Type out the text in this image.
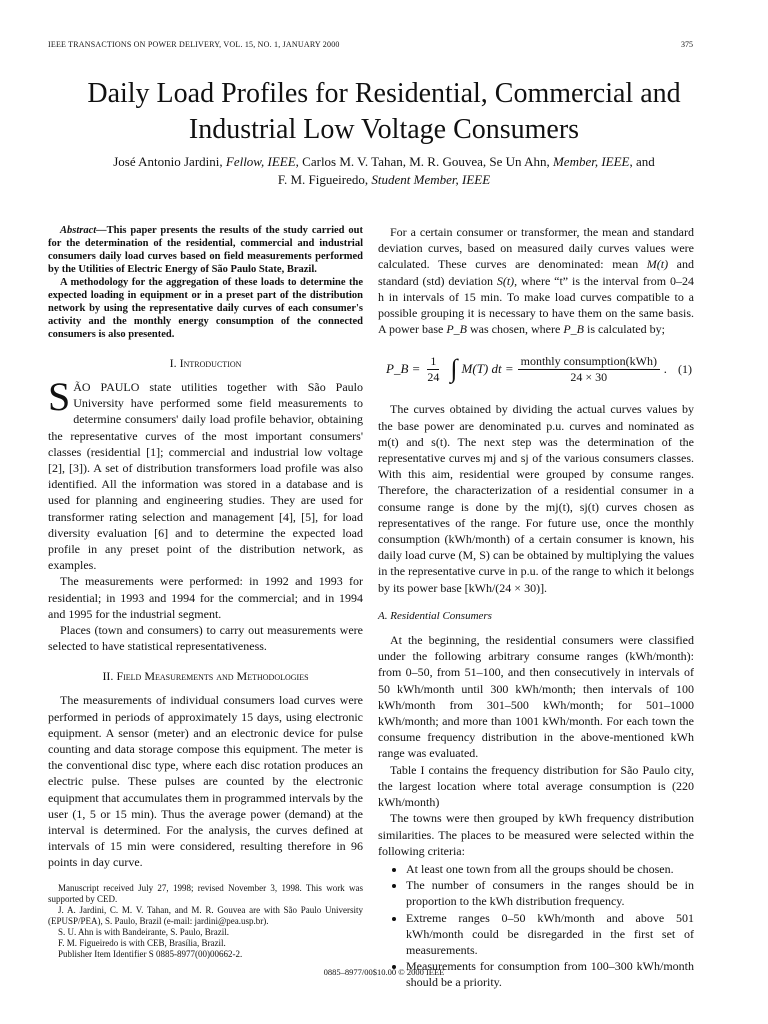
IEEE TRANSACTIONS ON POWER DELIVERY, VOL. 15, NO. 1, JANUARY 2000	375
Daily Load Profiles for Residential, Commercial and
Industrial Low Voltage Consumers
José Antonio Jardini, Fellow, IEEE, Carlos M. V. Tahan, M. R. Gouvea, Se Un Ahn, Member, IEEE, and
F. M. Figueiredo, Student Member, IEEE

Abstract—This paper presents the results of the study carried out for the determination of the residential, commercial and industrial consumers daily load curves based on field measurements performed by the Utilities of Electric Energy of São Paulo State, Brazil.

A methodology for the aggregation of these loads to determine the expected loading in equipment or in a preset part of the distribution network by using the representative daily curves of each consumer's activity and the monthly energy consumption of the connected consumers is also presented.

I. Introduction
S ÃO PAULO state utilities together with São Paulo University have performed some field measurements to determine consumers' daily load profile behavior, obtaining the representative curves of the most important consumers' classes (residential [1]; commercial and industrial low voltage [2], [3]). A set of distribution transformers load profile was also identified. All the information was stored in a database and is used for planning and engineering studies. They are used for transformer rating selection and management [4], [5], for load diversity evaluation [6] and to determine the expected load profile in any preset point of the distribution network, as examples.

The measurements were performed: in 1992 and 1993 for residential; in 1993 and 1994 for the commercial; and in 1994 and 1995 for the industrial segment.

Places (town and consumers) to carry out measurements were selected to have statistical representativeness.

II. Field Measurements and Methodologies

The measurements of individual consumers load curves were performed in periods of approximately 15 days, using electronic equipment. A sensor (meter) and an electronic device for pulse counting and data storage compose this equipment. The meter is the conventional disc type, where each disc rotation produces an electric pulse. These pulses are counted by the electronic equipment that accumulates them in programmed intervals by the user (1, 5 or 15 min). Thus the average power (demand) at the interval is determined. For the analysis, the curves defined at intervals of 15 min were considered, resulting therefore in 96 points in day curve.

Manuscript received July 27, 1998; revised November 3, 1998. This work was supported by CED.

J. A. Jardini, C. M. V. Tahan, and M. R. Gouvea are with São Paulo University (EPUSP/PEA), S. Paulo, Brazil (e-mail: jardini@pea.usp.br).

S. U. Ahn is with Bandeirante, S. Paulo, Brazil.

F. M. Figueiredo is with CEB, Brasília, Brazil.

Publisher Item Identifier S 0885-8977(00)00662-2.

For a certain consumer or transformer, the mean and standard deviation curves, based on measured daily curves values were calculated. These curves are denominated: mean M(t) and standard (std) deviation S(t), where “t” is the interval from 0–24 h in intervals of 15 min. To make load curves compatible to a possible grouping it is necessary to have them on the same basis. A power base P_B was chosen, where P_B is calculated by;

P_B = $\frac{1}{24}$ ∫ M(T) dt = $\frac{\text{monthly consumption(kWh)}}{24 \times 30}$ . (1)

The curves obtained by dividing the actual curves values by the base power are denominated p.u. curves and nominated as m(t) and s(t). The next step was the determination of the representative curves mj and sj of the various consumers classes. With this aim, residential were grouped by consume ranges. Therefore, the characterization of a residential consumer in a consume range is done by the mj(t), sj(t) curves chosen as representatives of the range. For future use, once the monthly consumption (kWh/month) of a certain consumer is known, his daily load curve (M, S) can be obtained by multiplying the values in the representative curve in p.u. of the range to which it belongs by its power base [kWh/(24 × 30)].

A. Residential Consumers

At the beginning, the residential consumers were classified under the following arbitrary consume ranges (kWh/month): from 0–50, from 51–100, and then consecutively in intervals of 50 kWh/month until 300 kWh/month; then intervals of 100 kWh/month from 301–500 kWh/month; for 501–1000 kWh/month; and more than 1001 kWh/month. For each town the consume frequency distribution in the above-mentioned kWh range was evaluated.

Table I contains the frequency distribution for São Paulo city, the largest location where total average consumption is (220 kWh/month)

The towns were then grouped by kWh frequency distribution similarities. The places to be measured were selected within the following criteria:

• At least one town from all the groups should be chosen.
• The number of consumers in the ranges should be in proportion to the kWh distribution frequency.
• Extreme ranges 0–50 kWh/month and above 501 kWh/month could be disregarded in the first set of measurements.
• Measurements for consumption from 100–300 kWh/month should be a priority.
0885–8977/00$10.00 © 2000 IEEE
